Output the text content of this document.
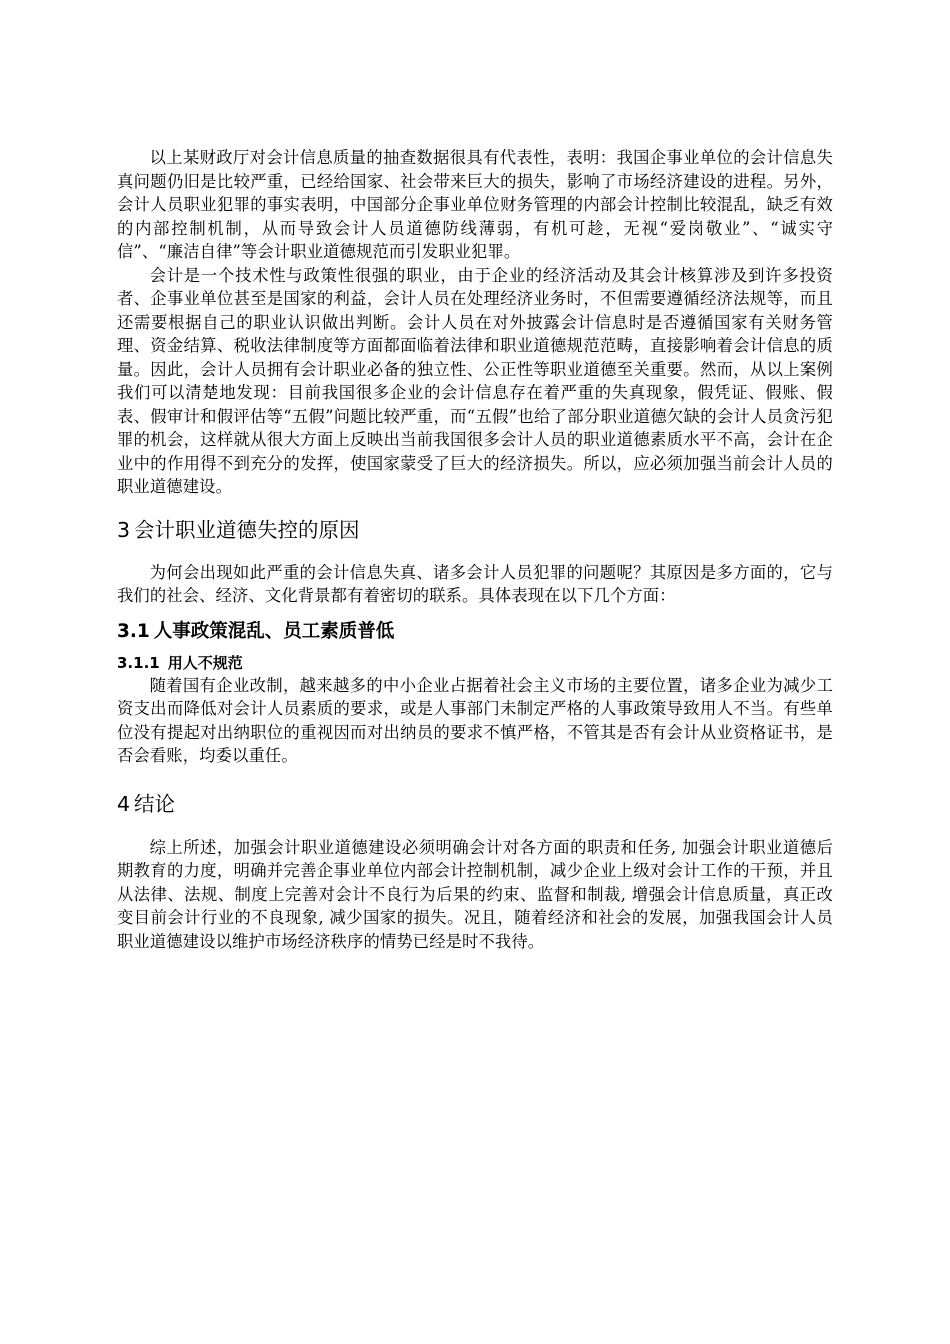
以上某财政厅对会计信息质量的抽查数据很具有代表性，表明：我国企事业单位的会计信息失真问题仍旧是比较严重，已经给国家、社会带来巨大的损失，影响了市场经济建设的进程。另外，会计人员职业犯罪的事实表明，中国部分企事业单位财务管理的内部会计控制比较混乱，缺乏有效的内部控制机制，从而导致会计人员道德防线薄弱，有机可趁，无视“爱岗敬业”、“诚实守信”、“廉洁自律”等会计职业道德规范而引发职业犯罪。

会计是一个技术性与政策性很强的职业，由于企业的经济活动及其会计核算涉及到许多投资者、企事业单位甚至是国家的利益，会计人员在处理经济业务时，不但需要遵循经济法规等，而且还需要根据自己的职业认识做出判断。会计人员在对外披露会计信息时是否遵循国家有关财务管理、资金结算、税收法律制度等方面都面临着法律和职业道德规范范畴，直接影响着会计信息的质量。因此，会计人员拥有会计职业必备的独立性、公正性等职业道德至关重要。然而，从以上案例我们可以清楚地发现：目前我国很多企业的会计信息存在着严重的失真现象，假凭证、假账、假表、假审计和假评估等“五假”问题比较严重，而“五假”也给了部分职业道德欠缺的会计人员贪污犯罪的机会，这样就从很大方面上反映出当前我国很多会计人员的职业道德素质水平不高，会计在企业中的作用得不到充分的发挥，使国家蒙受了巨大的经济损失。所以，应必须加强当前会计人员的职业道德建设。

3 会计职业道德失控的原因

为何会出现如此严重的会计信息失真、诸多会计人员犯罪的问题呢？其原因是多方面的，它与我们的社会、经济、文化背景都有着密切的联系。具体表现在以下几个方面：

3.1 人事政策混乱、员工素质普低
3.1.1 用人不规范

随着国有企业改制，越来越多的中小企业占据着社会主义市场的主要位置，诸多企业为减少工资支出而降低对会计人员素质的要求，或是人事部门未制定严格的人事政策导致用人不当。有些单位没有提起对出纳职位的重视因而对出纳员的要求不慎严格，不管其是否有会计从业资格证书，是否会看账，均委以重任。

4 结论

综上所述，加强会计职业道德建设必须明确会计对各方面的职责和任务, 加强会计职业道德后期教育的力度，明确并完善企事业单位内部会计控制机制，减少企业上级对会计工作的干预，并且从法律、法规、制度上完善对会计不良行为后果的约束、监督和制裁, 增强会计信息质量，真正改变目前会计行业的不良现象, 减少国家的损失。况且，随着经济和社会的发展，加强我国会计人员职业道德建设以维护市场经济秩序的情势已经是时不我待。
